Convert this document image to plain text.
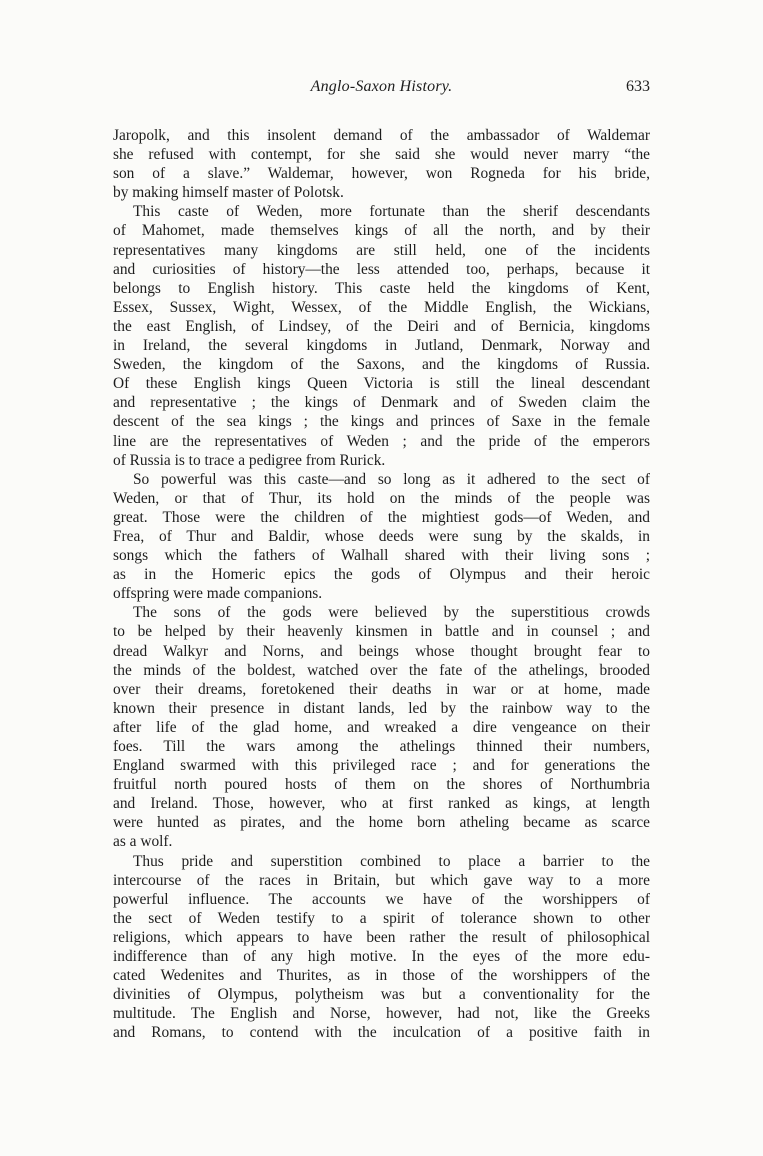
Anglo-Saxon History.	633
Jaropolk, and this insolent demand of the ambassador of Waldemar
she refused with contempt, for she said she would never marry “the
son of a slave.” Waldemar, however, won Rogneda for his bride,
by making himself master of Polotsk.
This caste of Weden, more fortunate than the sherif descendants
of Mahomet, made themselves kings of all the north, and by their
representatives many kingdoms are still held, one of the incidents
and curiosities of history—the less attended too, perhaps, because it
belongs to English history. This caste held the kingdoms of Kent,
Essex, Sussex, Wight, Wessex, of the Middle English, the Wickians,
the east English, of Lindsey, of the Deiri and of Bernicia, kingdoms
in Ireland, the several kingdoms in Jutland, Denmark, Norway and
Sweden, the kingdom of the Saxons, and the kingdoms of Russia.
Of these English kings Queen Victoria is still the lineal descendant
and representative ; the kings of Denmark and of Sweden claim the
descent of the sea kings ; the kings and princes of Saxe in the female
line are the representatives of Weden ; and the pride of the emperors
of Russia is to trace a pedigree from Rurick.
So powerful was this caste—and so long as it adhered to the sect of
Weden, or that of Thur, its hold on the minds of the people was
great. Those were the children of the mightiest gods—of Weden, and
Frea, of Thur and Baldir, whose deeds were sung by the skalds, in
songs which the fathers of Walhall shared with their living sons ;
as in the Homeric epics the gods of Olympus and their heroic
offspring were made companions.
The sons of the gods were believed by the superstitious crowds
to be helped by their heavenly kinsmen in battle and in counsel ; and
dread Walkyr and Norns, and beings whose thought brought fear to
the minds of the boldest, watched over the fate of the athelings, brooded
over their dreams, foretokened their deaths in war or at home, made
known their presence in distant lands, led by the rainbow way to the
after life of the glad home, and wreaked a dire vengeance on their
foes. Till the wars among the athelings thinned their numbers,
England swarmed with this privileged race ; and for generations the
fruitful north poured hosts of them on the shores of Northumbria
and Ireland. Those, however, who at first ranked as kings, at length
were hunted as pirates, and the home born atheling became as scarce
as a wolf.
Thus pride and superstition combined to place a barrier to the
intercourse of the races in Britain, but which gave way to a more
powerful influence. The accounts we have of the worshippers of
the sect of Weden testify to a spirit of tolerance shown to other
religions, which appears to have been rather the result of philosophical
indifference than of any high motive. In the eyes of the more edu-
cated Wedenites and Thurites, as in those of the worshippers of the
divinities of Olympus, polytheism was but a conventionality for the
multitude. The English and Norse, however, had not, like the Greeks
and Romans, to contend with the inculcation of a positive faith in
